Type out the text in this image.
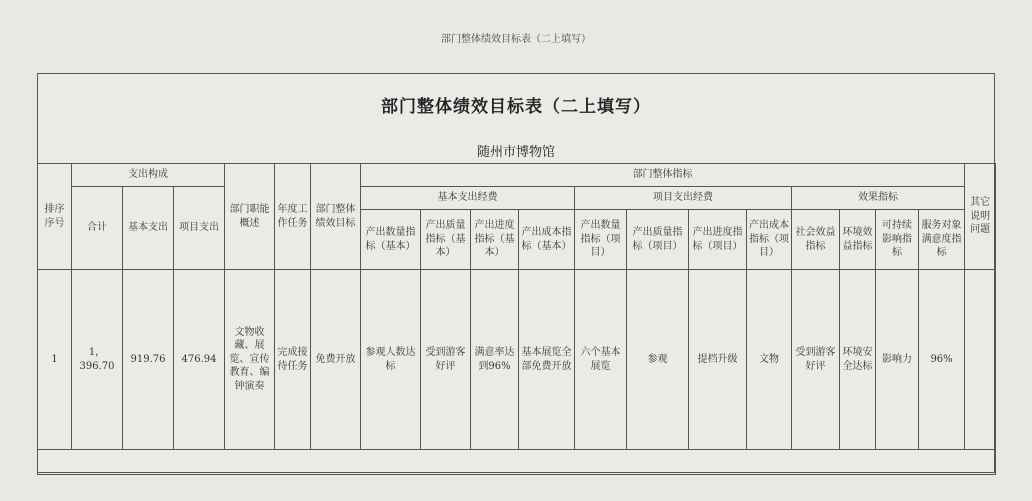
部门整体绩效目标表（二上填写）
部门整体绩效目标表（二上填写）
随州市博物馆
排序序号	支出构成			部门职能概述	年度工作任务	部门整体绩效目标	部门整体指标												其它说明问题
	合计	基本支出	项目支出				基本支出经费				项目支出经费				效果指标				
							产出数量指标（基本）	产出质量指标（基本）	产出进度指标（基本）	产出成本指标（基本）	产出数量指标（项目）	产出质量指标（项目）	产出进度指标（项目）	产出成本指标（项目）	社会效益指标	环境效益指标	可持续影响指标	服务对象满意度指标	
1	1，396.70	919.76	476.94	文物收藏、展览、宣传教育、编钟演奏	完成接待任务	免费开放	参观人数达标	受到游客好评	满意率达到96%	基本展览全部免费开放	六个基本展览	参观	提档升级	文物	受到游客好评	环境安全达标	影响力	96%	
